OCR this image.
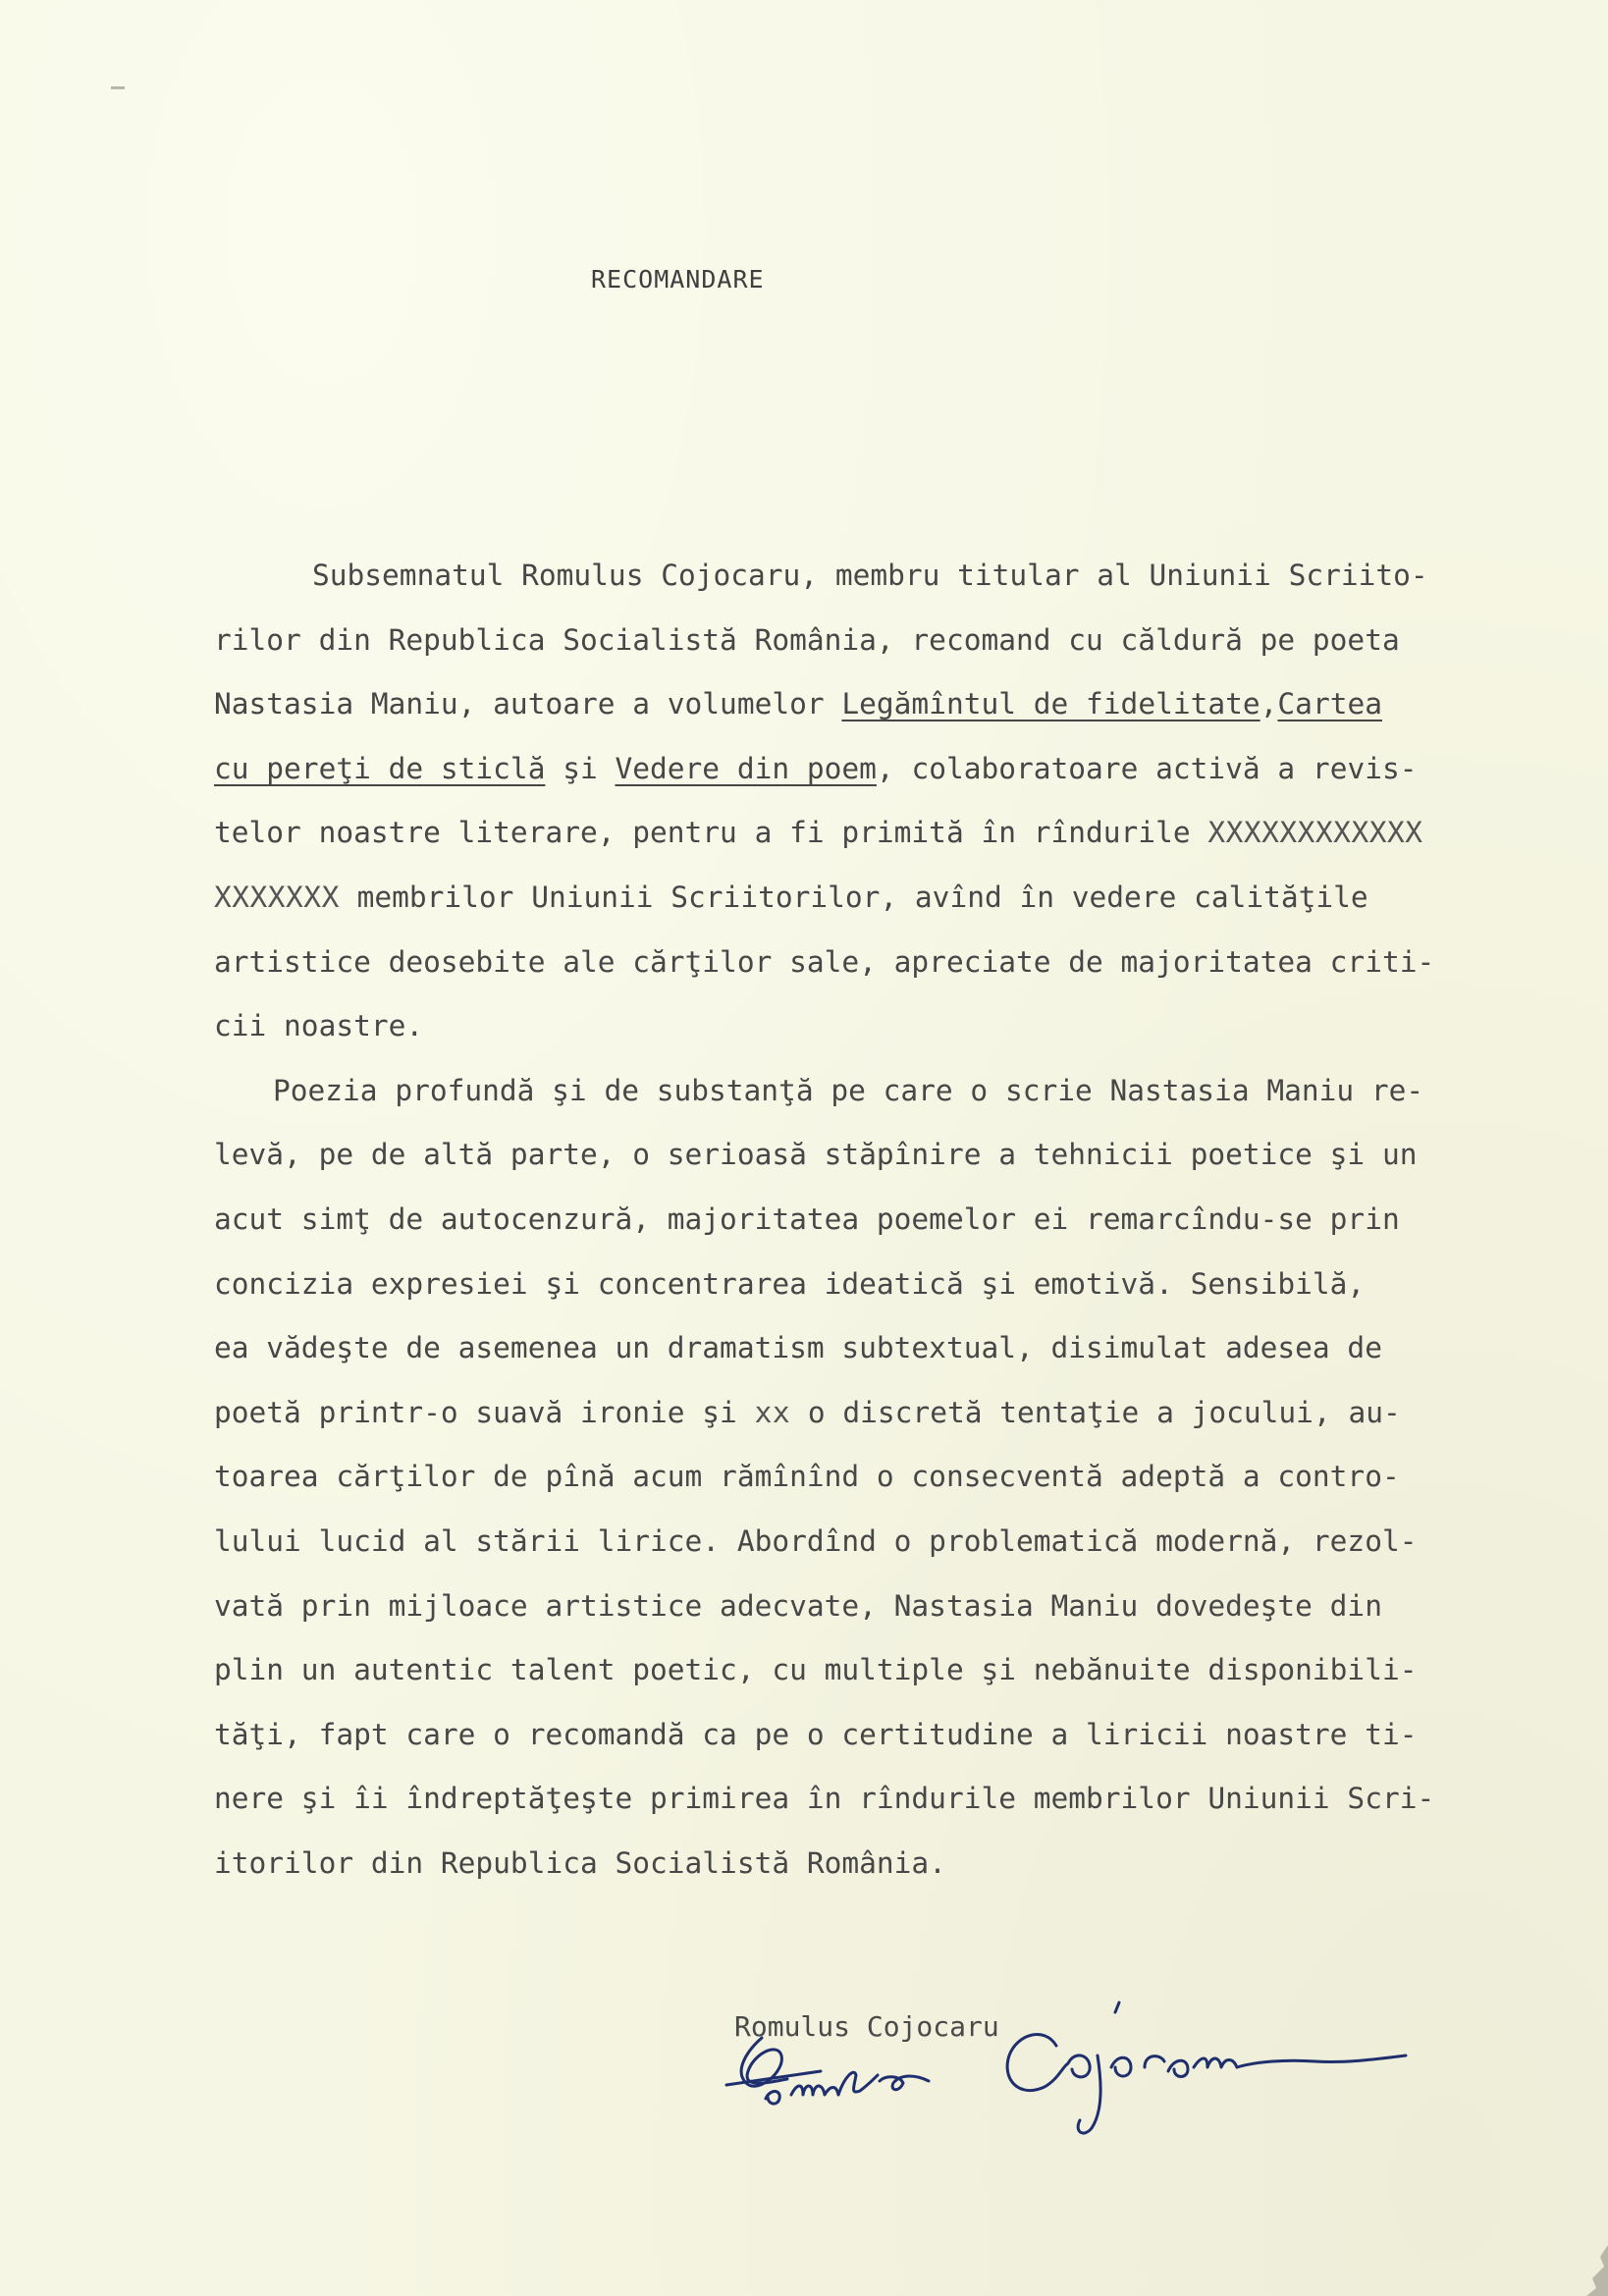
RECOMANDARE
Subsemnatul Romulus Cojocaru, membru titular al Uniunii Scriito-
rilor din Republica Socialistă România, recomand cu căldură pe poeta
Nastasia Maniu, autoare a volumelor Legămîntul de fidelitate,Cartea
cu pereţi de sticlă şi Vedere din poem, colaboratoare activă a revis-
telor noastre literare, pentru a fi primită în rîndurile XXXXXXXXXXXX
XXXXXXX membrilor Uniunii Scriitorilor, avînd în vedere calităţile
artistice deosebite ale cărţilor sale, apreciate de majoritatea criti-
cii noastre.
Poezia profundă şi de substanţă pe care o scrie Nastasia Maniu re-
levă, pe de altă parte, o serioasă stăpînire a tehnicii poetice şi un
acut simţ de autocenzură, majoritatea poemelor ei remarcîndu-se prin
concizia expresiei şi concentrarea ideatică şi emotivă. Sensibilă,
ea vădeşte de asemenea un dramatism subtextual, disimulat adesea de
poetă printr-o suavă ironie şi xx o discretă tentaţie a jocului, au-
toarea cărţilor de pînă acum rămînînd o consecventă adeptă a contro-
lului lucid al stării lirice. Abordînd o problematică modernă, rezol-
vată prin mijloace artistice adecvate, Nastasia Maniu dovedeşte din
plin un autentic talent poetic, cu multiple şi nebănuite disponibili-
tăţi, fapt care o recomandă ca pe o certitudine a liricii noastre ti-
nere şi îi îndreptăţeşte primirea în rîndurile membrilor Uniunii Scri-
itorilor din Republica Socialistă România.
Romulus Cojocaru
